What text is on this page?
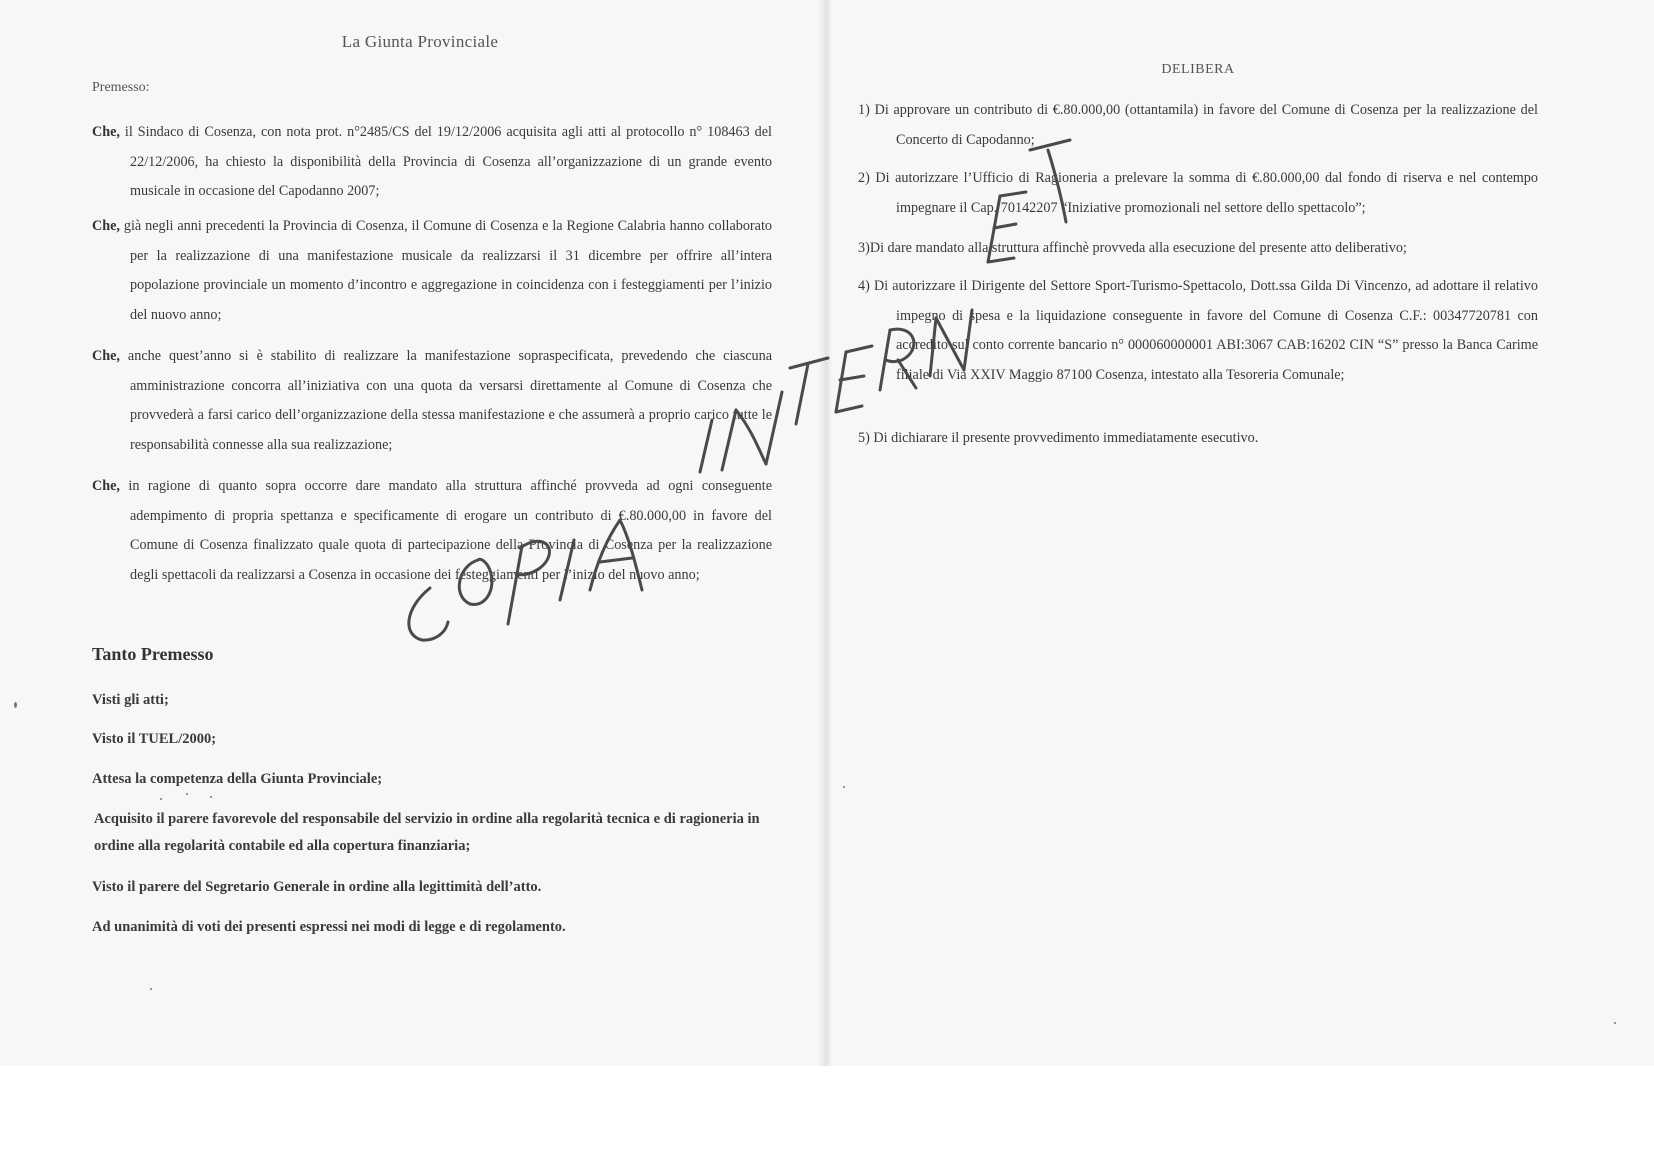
La Giunta Provinciale
Premesso:
Che, il Sindaco di Cosenza, con nota prot. n°2485/CS del 19/12/2006 acquisita agli atti al protocollo n° 108463 del 22/12/2006, ha chiesto la disponibilità della Provincia di Cosenza all’organizzazione di un grande evento musicale in occasione del Capodanno 2007;
Che, già negli anni precedenti la Provincia di Cosenza, il Comune di Cosenza e la Regione Calabria hanno collaborato per la realizzazione di una manifestazione musicale da realizzarsi il 31 dicembre per offrire all’intera popolazione provinciale un momento d’incontro e aggregazione in coincidenza con i festeggiamenti per l’inizio del nuovo anno;
Che, anche quest’anno si è stabilito di realizzare la manifestazione sopraspecificata, prevedendo che ciascuna amministrazione concorra all’iniziativa con una quota da versarsi direttamente al Comune di Cosenza che provvederà a farsi carico dell’organizzazione della stessa manifestazione e che assumerà a proprio carico tutte le responsabilità connesse alla sua realizzazione;
Che, in ragione di quanto sopra occorre dare mandato alla struttura affinché provveda ad ogni conseguente adempimento di propria spettanza e specificamente di erogare un contributo di €.80.000,00 in favore del Comune di Cosenza finalizzato quale quota di partecipazione della Provincia di Cosenza per la realizzazione degli spettacoli da realizzarsi a Cosenza in occasione dei festeggiamenti per l’inizio del nuovo anno;
Tanto Premesso
Visti gli atti;
Visto il TUEL/2000;
Attesa la competenza della Giunta Provinciale;
Acquisito il parere favorevole del responsabile del servizio in ordine alla regolarità tecnica e di ragioneria in ordine alla regolarità contabile ed alla copertura finanziaria;
Visto il parere del Segretario Generale in ordine alla legittimità dell’atto.
Ad unanimità di voti dei presenti espressi nei modi di legge e di regolamento.
DELIBERA
1) Di approvare un contributo di €.80.000,00 (ottantamila) in favore del Comune di Cosenza per la realizzazione del Concerto di Capodanno;
2) Di autorizzare l’Ufficio di Ragioneria a prelevare la somma di €.80.000,00 dal fondo di riserva e nel contempo impegnare il Cap. 70142207 “Iniziative promozionali nel settore dello spettacolo”;
3)Di dare mandato alla struttura affinchè provveda alla esecuzione del presente atto deliberativo;
4) Di autorizzare il Dirigente del Settore Sport-Turismo-Spettacolo, Dott.ssa Gilda Di Vincenzo, ad adottare il relativo impegno di spesa e la liquidazione conseguente in favore del Comune di Cosenza C.F.: 00347720781 con accredito sul conto corrente bancario n° 000060000001 ABI:3067 CAB:16202 CIN “S” presso la Banca Carime filiale di Via XXIV Maggio 87100 Cosenza, intestato alla Tesoreria Comunale;
5) Di dichiarare il presente provvedimento immediatamente esecutivo.
